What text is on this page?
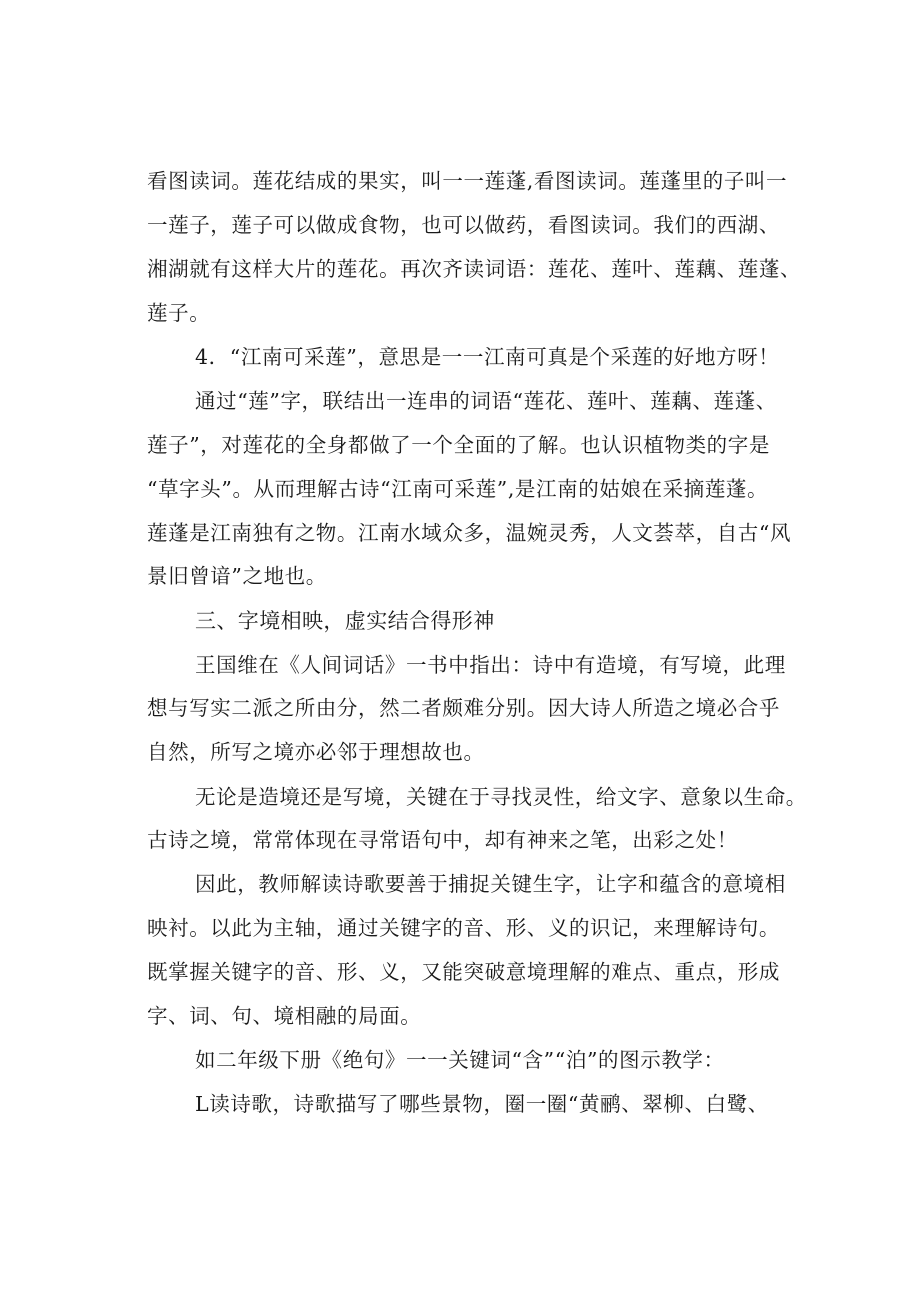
看图读词。莲花结成的果实，叫一一莲蓬,看图读词。莲蓬里的子叫一
一莲子，莲子可以做成食物，也可以做药，看图读词。我们的西湖、
湘湖就有这样大片的莲花。再次齐读词语：莲花、莲叶、莲藕、莲蓬、
莲子。
4．“江南可采莲”，意思是一一江南可真是个采莲的好地方呀！
通过“莲”字，联结出一连串的词语“莲花、莲叶、莲藕、莲蓬、
莲子”，对莲花的全身都做了一个全面的了解。也认识植物类的字是
“草字头”。从而理解古诗“江南可采莲”,是江南的姑娘在采摘莲蓬。
莲蓬是江南独有之物。江南水域众多，温婉灵秀，人文荟萃，自古“风
景旧曾谙”之地也。
三、字境相映，虚实结合得形神
王国维在《人间词话》一书中指出：诗中有造境，有写境，此理
想与写实二派之所由分，然二者颇难分别。因大诗人所造之境必合乎
自然，所写之境亦必邻于理想故也。
无论是造境还是写境，关键在于寻找灵性，给文字、意象以生命。
古诗之境，常常体现在寻常语句中，却有神来之笔，出彩之处！
因此，教师解读诗歌要善于捕捉关键生字，让字和蕴含的意境相
映衬。以此为主轴，通过关键字的音、形、义的识记，来理解诗句。
既掌握关键字的音、形、义，又能突破意境理解的难点、重点，形成
字、词、句、境相融的局面。
如二年级下册《绝句》一一关键词“含”“泊”的图示教学：
L读诗歌，诗歌描写了哪些景物，圈一圈“黄鹂、翠柳、白鹭、
